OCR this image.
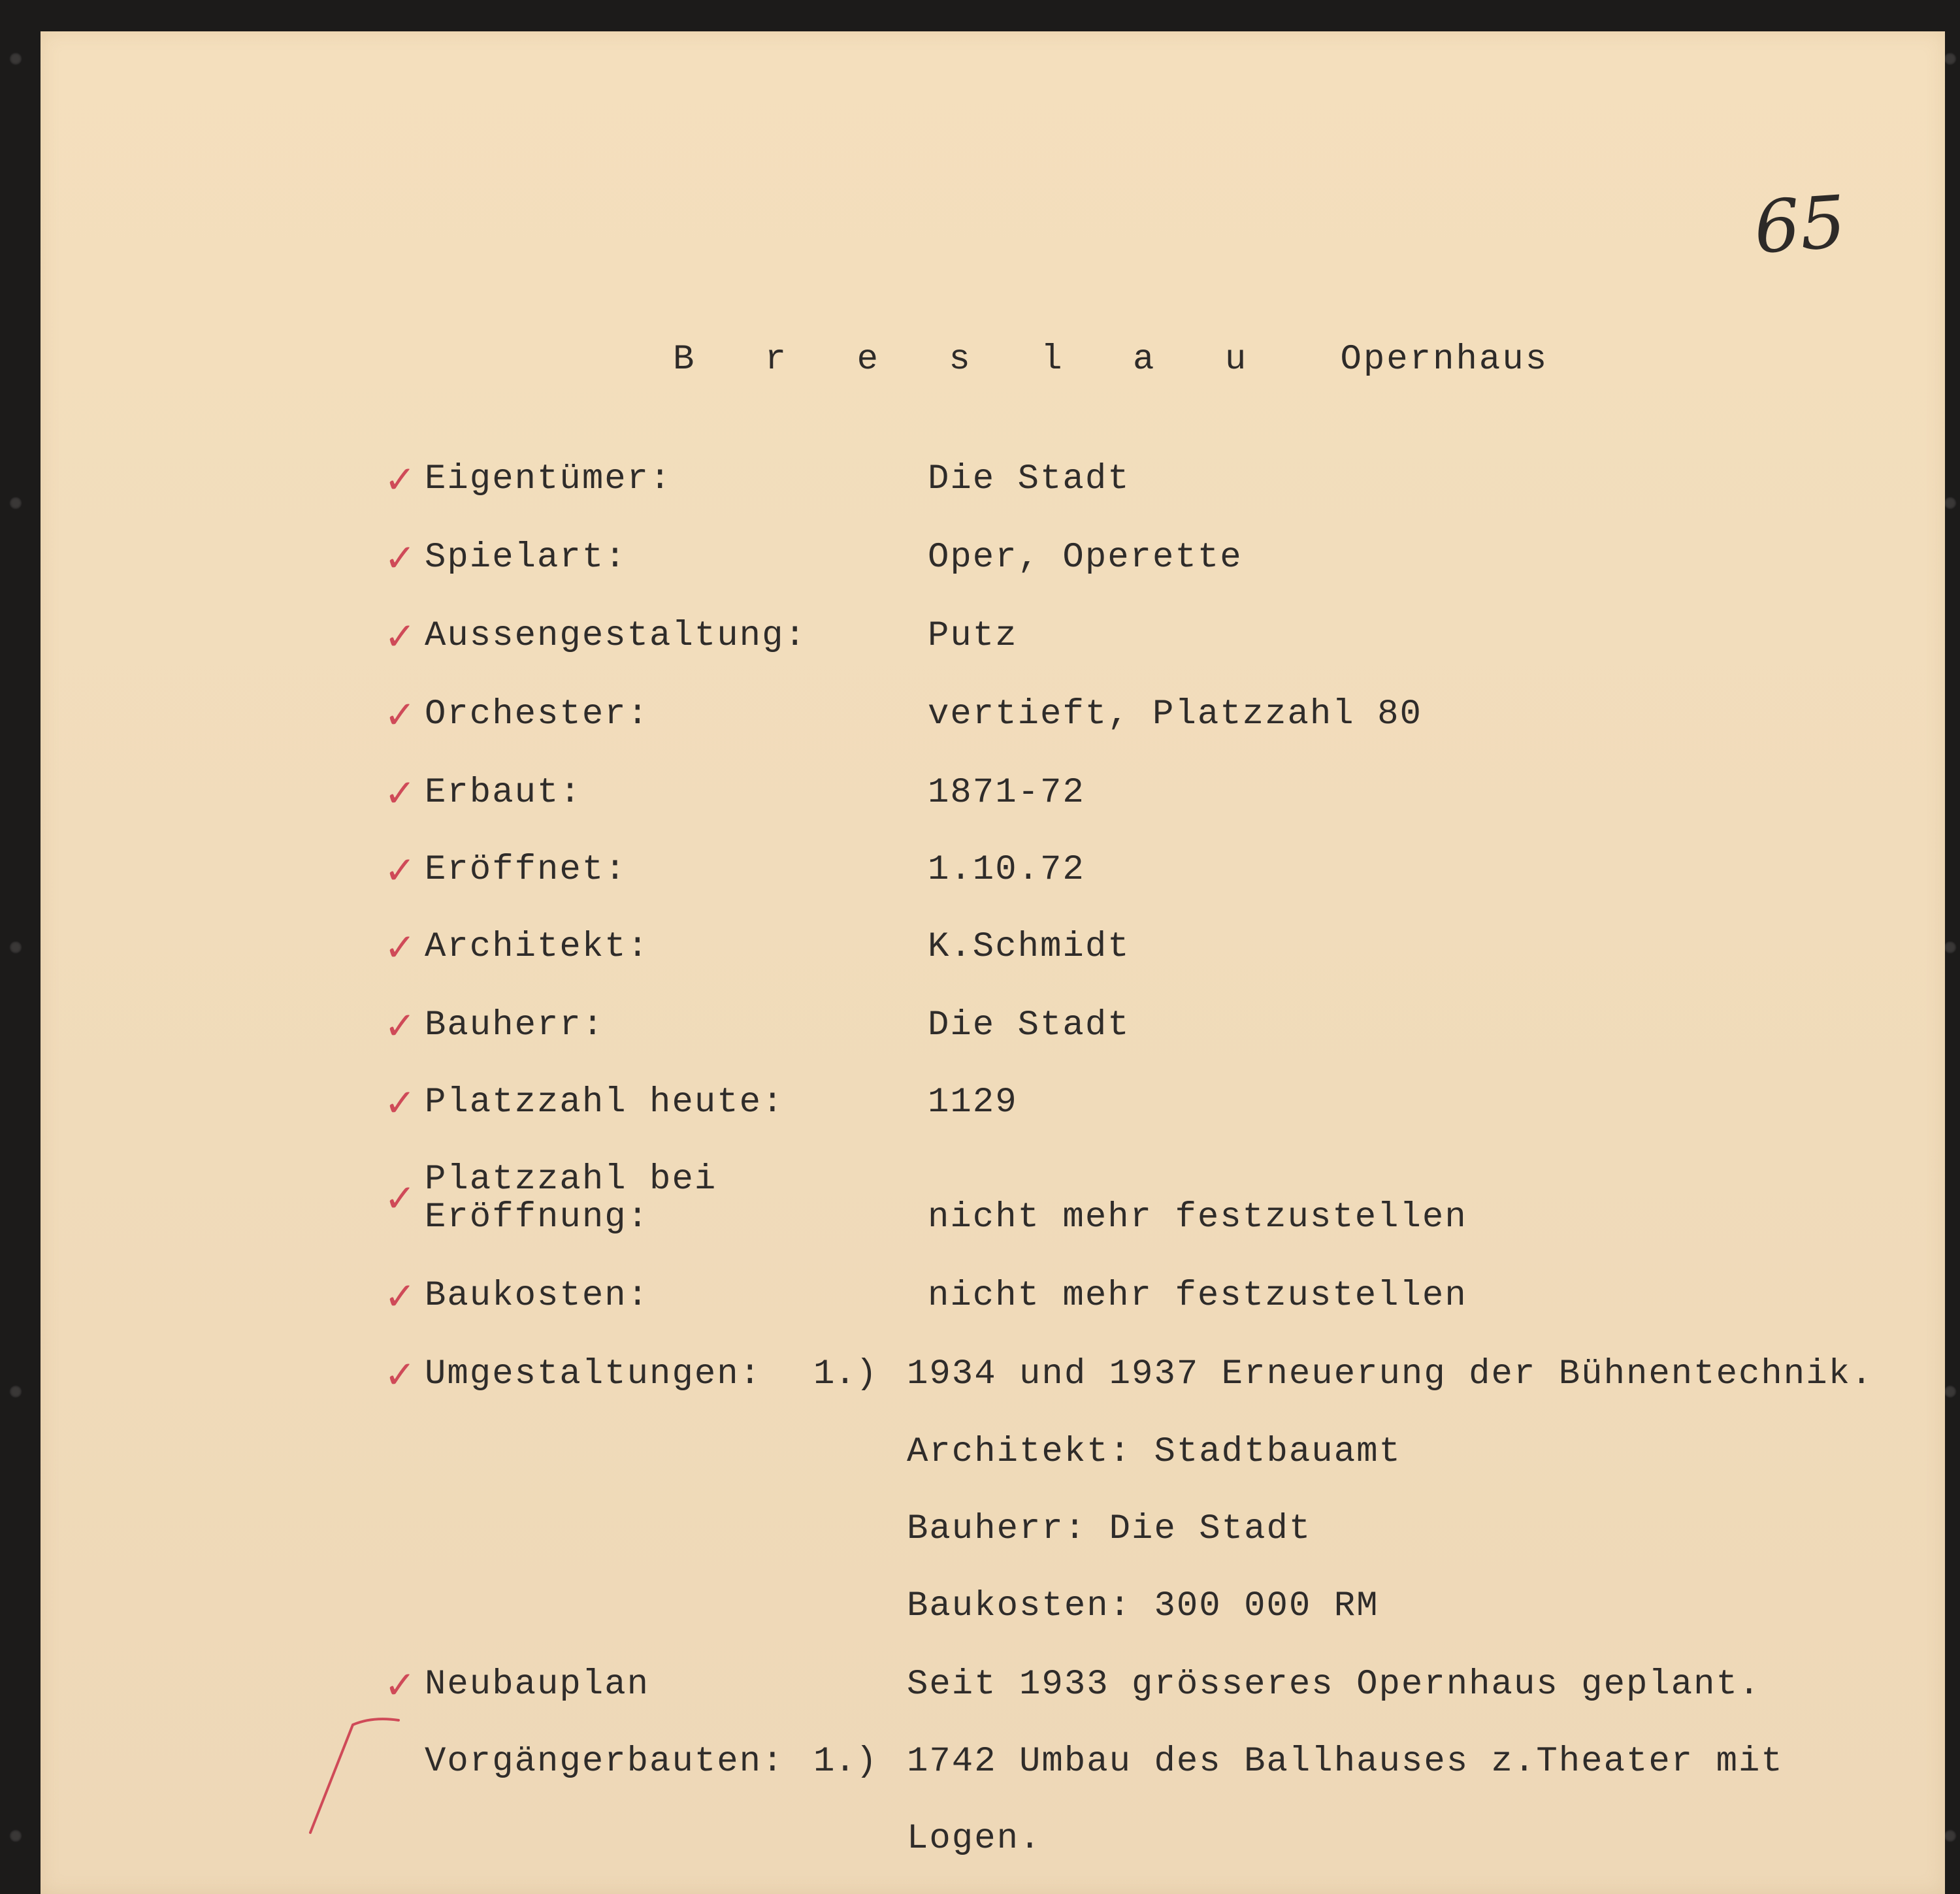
65
B r e s l a u Opernhaus
✓ Eigentümer:	Die Stadt
✓ Spielart:	Oper, Operette
✓ Aussengestaltung:	Putz
✓ Orchester:	vertieft, Platzzahl 80
✓ Erbaut:	1871-72
✓ Eröffnet:	1.10.72
✓ Architekt:	K.Schmidt
✓ Bauherr:	Die Stadt
✓ Platzzahl heute:	1129
✓ Platzzahl bei
Eröffnung:	nicht mehr festzustellen
✓ Baukosten:	nicht mehr festzustellen
✓ Umgestaltungen: 1.) 1934 und 1937 Erneuerung der Bühnentechnik.
Architekt: Stadtbauamt
Bauherr: Die Stadt
Baukosten: 300 000 RM
✓ Neubauplan	Seit 1933 grösseres Opernhaus geplant.
Vorgängerbauten: 1.) 1742 Umbau des Ballhauses z.Theater mit
Logen.
